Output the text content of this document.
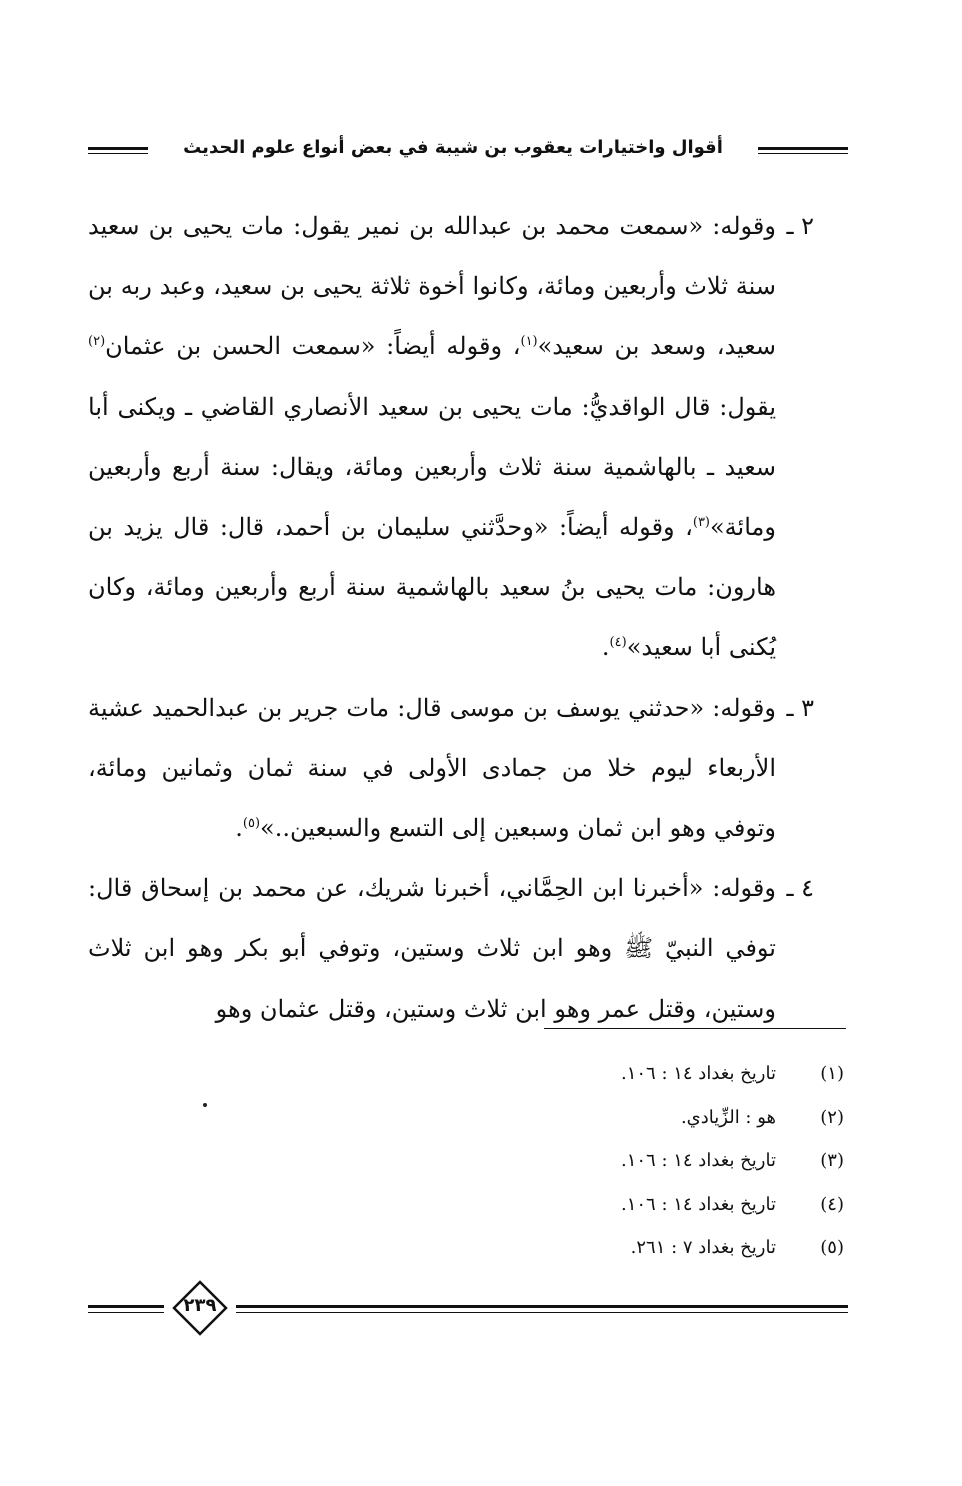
أقوال واختيارات يعقوب بن شيبة في بعض أنواع علوم الحديث

٢ ـ
وقوله: «سمعت محمد بن عبدالله بن نمير يقول: مات يحيى بن سعيد سنة ثلاث وأربعين ومائة، وكانوا أخوة ثلاثة يحيى بن سعيد، وعبد ربه بن سعيد، وسعد بن سعيد»$^{(١)}$، وقوله أيضاً: «سمعت الحسن بن عثمان$^{(٢)}$ يقول: قال الواقديُّ: مات يحيى بن سعيد الأنصاري القاضي ـ ويكنى أبا سعيد ـ بالهاشمية سنة ثلاث وأربعين ومائة، ويقال: سنة أربع وأربعين ومائة»$^{(٣)}$، وقوله أيضاً: «وحدَّثني سليمان بن أحمد، قال: قال يزيد بن هارون: مات يحيى بنُ سعيد بالهاشمية سنة أربع وأربعين ومائة، وكان يُكنى أبا سعيد»$^{(٤)}$.

٣ ـ
وقوله: «حدثني يوسف بن موسى قال: مات جرير بن عبدالحميد عشية الأربعاء ليوم خلا من جمادى الأولى في سنة ثمان وثمانين ومائة، وتوفي وهو ابن ثمان وسبعين إلى التسع والسبعين..»$^{(٥)}$.

٤ ـ
وقوله: «أخبرنا ابن الحِمَّاني، أخبرنا شريك، عن محمد بن إسحاق قال: توفي النبيّ ﷺ وهو ابن ثلاث وستين، وتوفي أبو بكر وهو ابن ثلاث وستين، وقتل عمر وهو ابن ثلاث وستين، وقتل عثمان وهو

(١)
تاريخ بغداد ١٤ : ١٠٦.
(٢)
هو : الزِّيادي.
(٣)
تاريخ بغداد ١٤ : ١٠٦.
(٤)
تاريخ بغداد ١٤ : ١٠٦.
(٥)
تاريخ بغداد ٧ : ٢٦١.
٢٣٩
